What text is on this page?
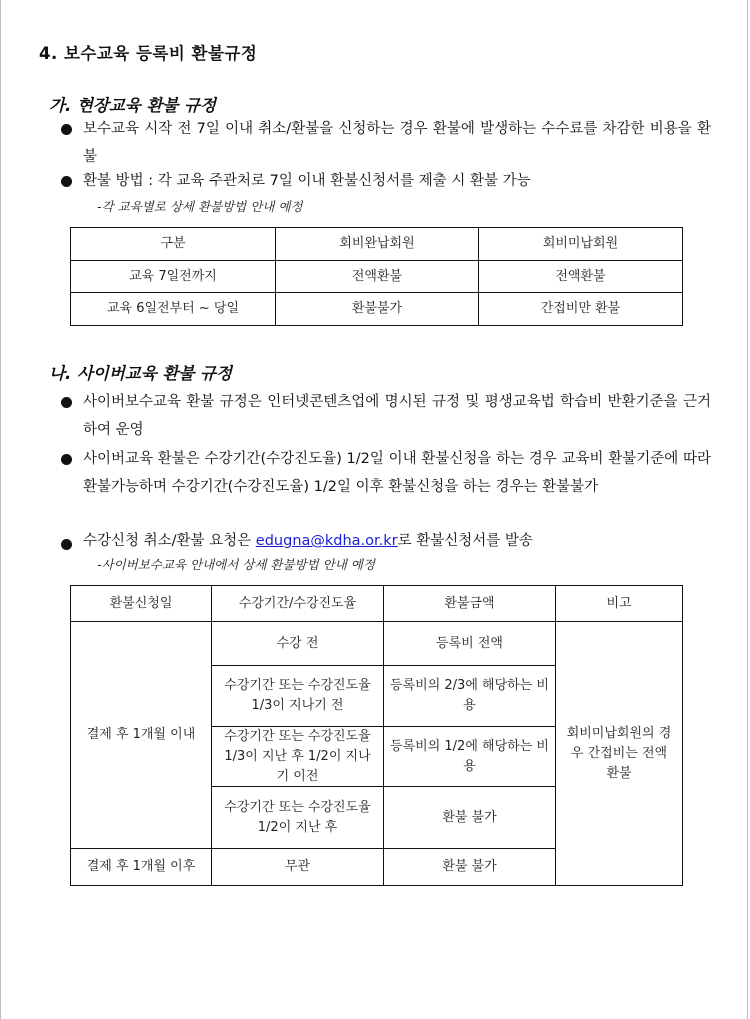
4. 보수교육 등록비 환불규정
가. 현장교육 환불 규정
보수교육 시작 전 7일 이내 취소/환불을 신청하는 경우 환불에 발생하는 수수료를 차감한 비용을 환불
환불 방법 : 각 교육 주관처로 7일 이내 환불신청서를 제출 시 환불 가능
-각 교육별로 상세 환불방법 안내 예정
구분	회비완납회원	회비미납회원
교육 7일전까지	전액환불	전액환불
교육 6일전부터 ~ 당일	환불불가	간접비만 환불
나. 사이버교육 환불 규정
사이버보수교육 환불 규정은 인터넷콘텐츠업에 명시된 규정 및 평생교육법 학습비 반환기준을 근거하여 운영
사이버교육 환불은 수강기간(수강진도율) 1/2일 이내 환불신청을 하는 경우 교육비 환불기준에 따라 환불가능하며 수강기간(수강진도율) 1/2일 이후 환불신청을 하는 경우는 환불불가
수강신청 취소/환불 요청은 edugna@kdha.or.kr로 환불신청서를 발송
-사이버보수교육 안내에서 상세 환불방법 안내 예정
환불신청일	수강기간/수강진도율	환불금액	비고
결제 후 1개월 이내	수강 전	등록비 전액	회비미납회원의 경우 간접비는 전액환불
	수강기간 또는 수강진도율 1/3이 지나기 전	등록비의 2/3에 해당하는 비용	

	수강기간 또는 수강진도율 1/3이 지난 후 1/2이 지나기 이전	등록비의 1/2에 해당하는 비용	

	수강기간 또는 수강진도율 1/2이 지난 후	환불 불가	
결제 후 1개월 이후	무관	환불 불가	
